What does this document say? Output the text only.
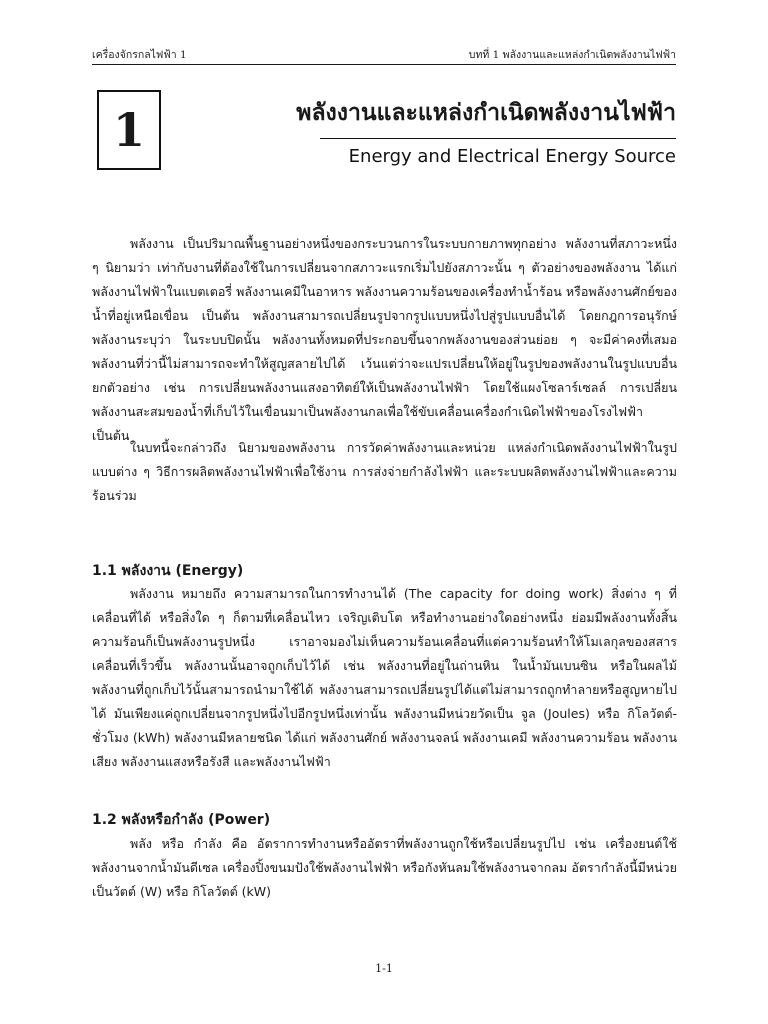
เครื่องจักรกลไฟฟ้า 1	บทที่ 1 พลังงานและแหล่งกำเนิดพลังงานไฟฟ้า
1	พลังงานและแหล่งกำเนิดพลังงานไฟฟ้า
Energy and Electrical Energy Source

พลังงาน เป็นปริมาณพื้นฐานอย่างหนึ่งของกระบวนการในระบบกายภาพทุกอย่าง พลังงานที่สภาวะหนึ่ง ๆ นิยามว่า เท่ากับงานที่ต้องใช้ในการเปลี่ยนจากสภาวะแรกเริ่มไปยังสภาวะนั้น ๆ ตัวอย่างของพลังงาน ได้แก่ พลังงานไฟฟ้าในแบตเตอรี่ พลังงานเคมีในอาหาร พลังงานความร้อนของเครื่องทำน้ำร้อน หรือพลังงานศักย์ของน้ำที่อยู่เหนือเขื่อน เป็นต้น พลังงานสามารถเปลี่ยนรูปจากรูปแบบหนึ่งไปสู่รูปแบบอื่นได้ โดยกฎการอนุรักษ์พลังงานระบุว่า ในระบบปิดนั้น พลังงานทั้งหมดที่ประกอบขึ้นจากพลังงานของส่วนย่อย ๆ จะมีค่าคงที่เสมอ พลังงานที่ว่านี้ไม่สามารถจะทำให้สูญสลายไปได้ เว้นแต่ว่าจะแปรเปลี่ยนให้อยู่ในรูปของพลังงานในรูปแบบอื่น ยกตัวอย่าง เช่น การเปลี่ยนพลังงานแสงอาทิตย์ให้เป็นพลังงานไฟฟ้า โดยใช้แผงโซลาร์เซลล์ การเปลี่ยนพลังงานสะสมของน้ำที่เก็บไว้ในเขื่อนมาเป็นพลังงานกลเพื่อใช้ขับเคลื่อนเครื่องกำเนิดไฟฟ้าของโรงไฟฟ้า เป็นต้น

ในบทนี้จะกล่าวถึง นิยามของพลังงาน การวัดค่าพลังงานและหน่วย แหล่งกำเนิดพลังงานไฟฟ้าในรูปแบบต่าง ๆ วิธีการผลิตพลังงานไฟฟ้าเพื่อใช้งาน การส่งจ่ายกำลังไฟฟ้า และระบบผลิตพลังงานไฟฟ้าและความร้อนร่วม

1.1 พลังงาน (Energy)

พลังงาน หมายถึง ความสามารถในการทำงานได้ (The capacity for doing work) สิ่งต่าง ๆ ที่เคลื่อนที่ได้ หรือสิ่งใด ๆ ก็ตามที่เคลื่อนไหว เจริญเติบโต หรือทำงานอย่างใดอย่างหนึ่ง ย่อมมีพลังงานทั้งสิ้น ความร้อนก็เป็นพลังงานรูปหนึ่ง เราอาจมองไม่เห็นความร้อนเคลื่อนที่แต่ความร้อนทำให้โมเลกุลของสสารเคลื่อนที่เร็วขึ้น พลังงานนั้นอาจถูกเก็บไว้ได้ เช่น พลังงานที่อยู่ในถ่านหิน ในน้ำมันเบนซิน หรือในผลไม้ พลังงานที่ถูกเก็บไว้นั้นสามารถนำมาใช้ได้ พลังงานสามารถเปลี่ยนรูปได้แต่ไม่สามารถถูกทำลายหรือสูญหายไปได้ มันเพียงแค่ถูกเปลี่ยนจากรูปหนึ่งไปอีกรูปหนึ่งเท่านั้น พลังงานมีหน่วยวัดเป็น จูล (Joules) หรือ กิโลวัตต์-ชั่วโมง (kWh) พลังงานมีหลายชนิด ได้แก่ พลังงานศักย์ พลังงานจลน์ พลังงานเคมี พลังงานความร้อน พลังงานเสียง พลังงานแสงหรือรังสี และพลังงานไฟฟ้า

1.2 พลังหรือกำลัง (Power)

พลัง หรือ กำลัง คือ อัตราการทำงานหรืออัตราที่พลังงานถูกใช้หรือเปลี่ยนรูปไป เช่น เครื่องยนต์ใช้พลังงานจากน้ำมันดีเซล เครื่องปิ้งขนมปังใช้พลังงานไฟฟ้า หรือกังหันลมใช้พลังงานจากลม อัตรากำลังนี้มีหน่วยเป็นวัตต์ (W) หรือ กิโลวัตต์ (kW)

1-1
